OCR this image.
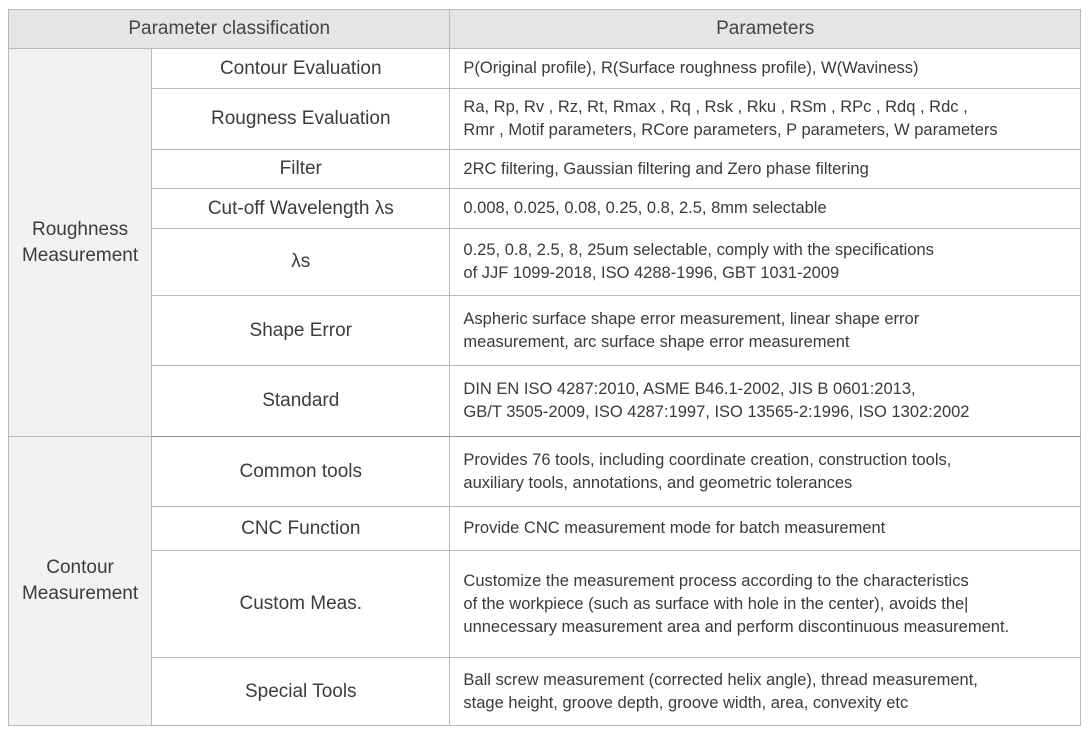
Parameter classification		Parameters

Roughness
Measurement	Contour Evaluation	P(Original profile), R(Surface roughness profile), W(Waviness)

	Rougness Evaluation	Ra, Rp, Rv , Rz, Rt, Rmax , Rq , Rsk , Rku , RSm , RPc , Rdq , Rdc ,
Rmr , Motif parameters, RCore parameters, P parameters, W parameters

	Filter	2RC filtering, Gaussian filtering and Zero phase filtering

	Cut-off Wavelength λs	0.008, 0.025, 0.08, 0.25, 0.8, 2.5, 8mm selectable

	λs	0.25, 0.8, 2.5, 8, 25um selectable, comply with the specifications
of JJF 1099-2018, ISO 4288-1996, GBT 1031-2009

	Shape Error	Aspheric surface shape error measurement, linear shape error
measurement, arc surface shape error measurement

	Standard	DIN EN ISO 4287:2010, ASME B46.1-2002, JIS B 0601:2013,
GB/T 3505-2009, ISO 4287:1997, ISO 13565-2:1996, ISO 1302:2002

Contour
Measurement	Common tools	Provides 76 tools, including coordinate creation, construction tools,
auxiliary tools, annotations, and geometric tolerances

	CNC Function	Provide CNC measurement mode for batch measurement

	Custom Meas.	Customize the measurement process according to the characteristics
of the workpiece (such as surface with hole in the center), avoids the|
unnecessary measurement area and perform discontinuous measurement.

	Special Tools	Ball screw measurement (corrected helix angle), thread measurement,
stage height, groove depth, groove width, area, convexity etc
